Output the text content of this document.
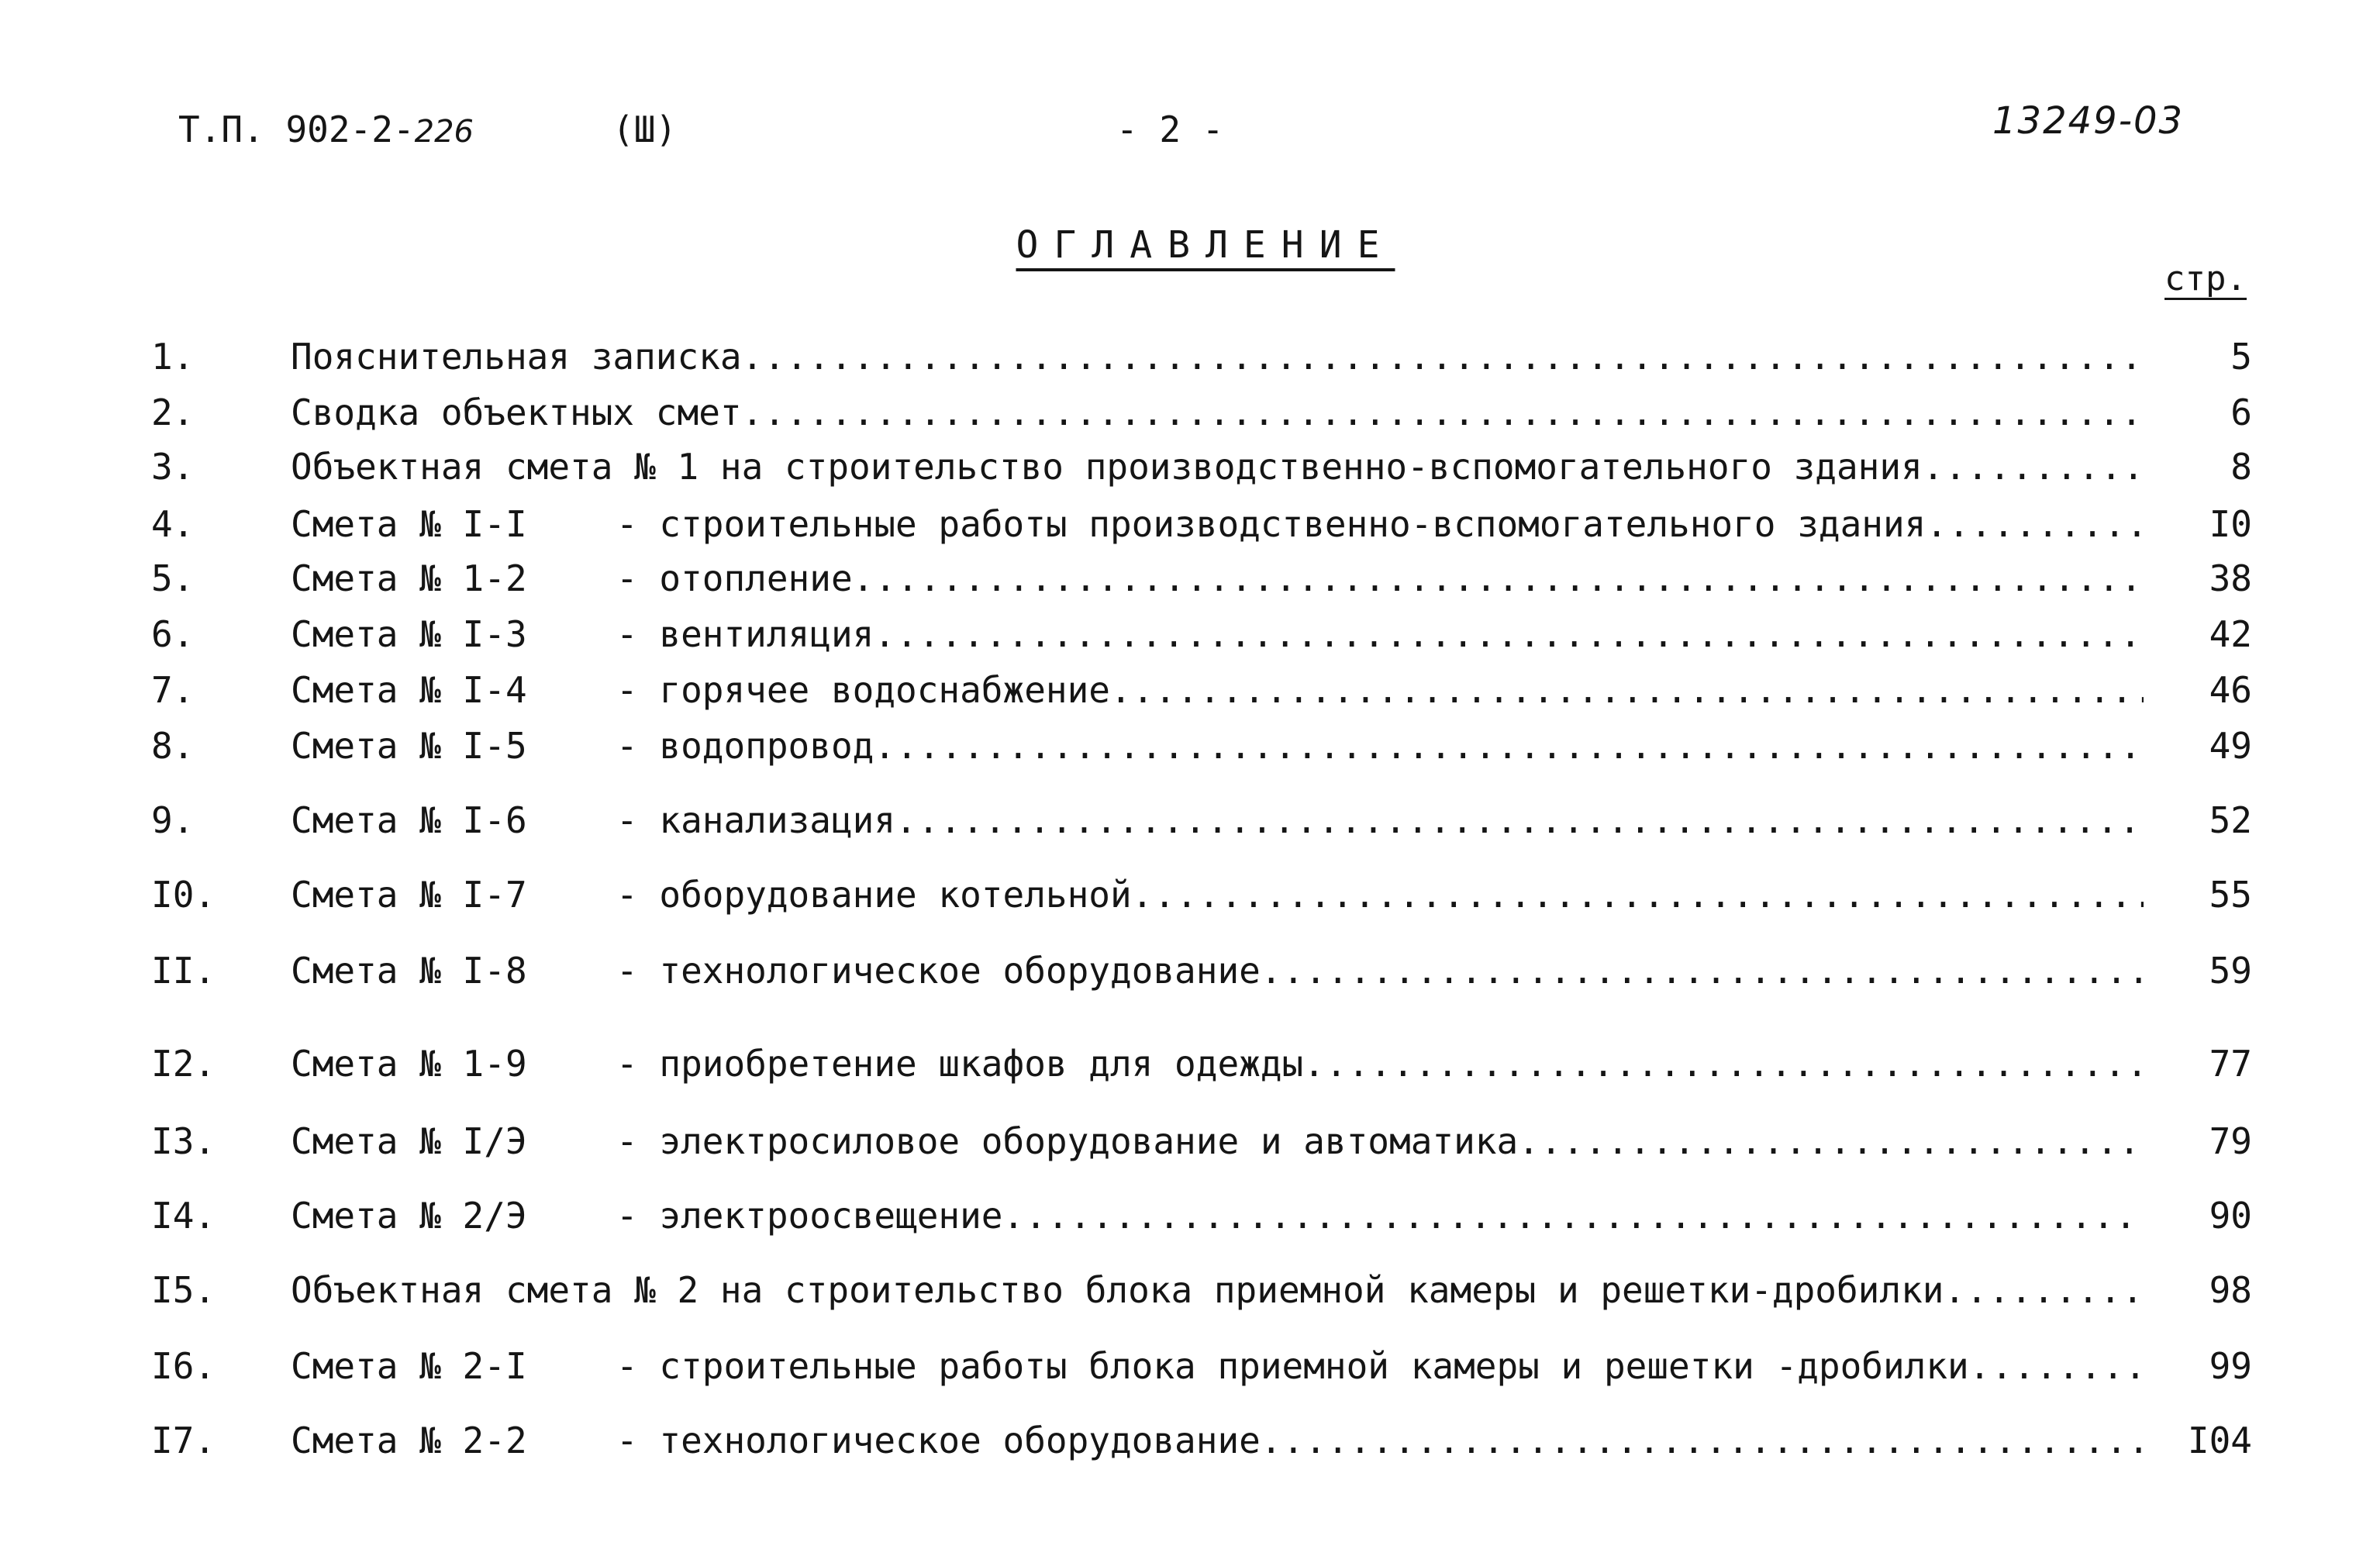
Т.П. 902-2-226	(Ш)	- 2 -	13249-03
ОГЛАВЛЕНИЕ
стр.
1.	Пояснительная записка .....	5
2.	Сводка объектных смет .....	6
3.	Объектная смета № 1 на строительство производственно-вспомогательного здания .....	8
4.	Смета № I-I	- строительные работы производственно-вспомогательного здания .....	I0
5.	Смета № 1-2	- отопление .....	38
6.	Смета № I-3	- вентиляция .....	42
7.	Смета № I-4	- горячее водоснабжение .....	46
8.	Смета № I-5	- водопровод .....	49
9.	Смета № I-6	- канализация .....	52
I0.	Смета № I-7	- оборудование котельной .....	55
II.	Смета № I-8	- технологическое оборудование .....	59
I2.	Смета № 1-9	- приобретение шкафов для одежды .....	77
I3.	Смета № I/Э	- электросиловое оборудование и автоматика .....	79
I4.	Смета № 2/Э	- электроосвещение .....	90
I5.	Объектная смета № 2 на строительство блока приемной камеры и решетки-дробилки .....	98
I6.	Смета № 2-I	- строительные работы блока приемной камеры и решетки -дробилки .....	99
I7.	Смета № 2-2	- технологическое оборудование .....	I04
